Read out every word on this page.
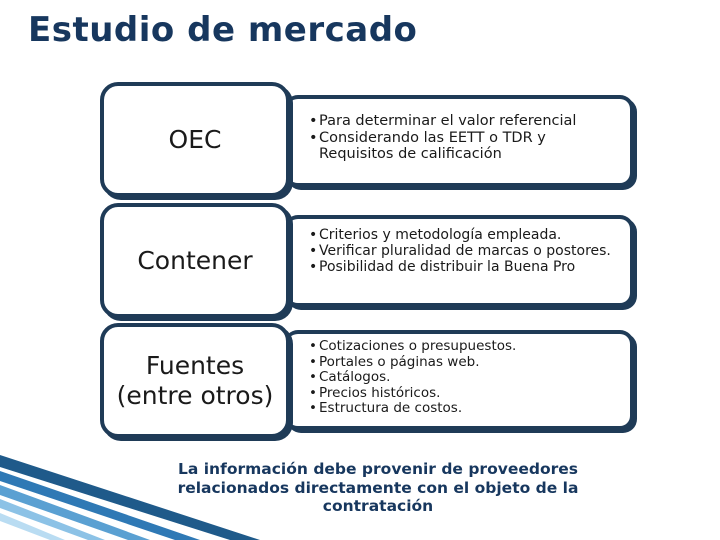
Estudio de mercado
• Para determinar el valor referencial
• Considerando las EETT o TDR y Requisitos de calificación
OEC
• Criterios y metodología empleada.
• Verificar pluralidad de marcas o postores.
• Posibilidad de distribuir la Buena Pro
Contener
• Cotizaciones o presupuestos.
• Portales o páginas web.
• Catálogos.
• Precios históricos.
• Estructura de costos.
Fuentes (entre otros)
La información debe provenir de proveedores relacionados directamente con el objeto de la contratación
